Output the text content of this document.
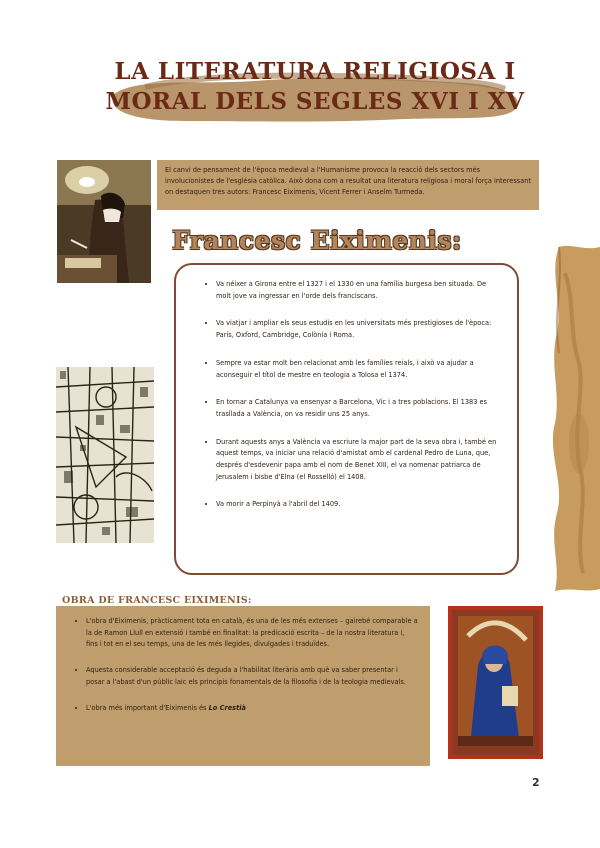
LA LITERATURA RELIGIOSA I
MORAL DELS SEGLES XVI I XV
El canvi de pensament de l'època medieval a l'Humanisme provoca la reacció dels sectors més involucionistes de l'església catòlica. Això dona com a resultat una literatura religiosa i moral força interessant on destaquen tres autors: Francesc Eiximenis, Vicent Ferrer i Anselm Turmeda.
Francesc Eiximenis:
• Va néixer a Girona entre el 1327 i el 1330 en una família burgesa ben situada. De molt jove va ingressar en l'orde dels franciscans.
• Va viatjar i ampliar els seus estudis en les universitats més prestigioses de l'època: París, Oxford, Cambridge, Colònia i Roma.
• Sempre va estar molt ben relacionat amb les famílies reials, i això va ajudar a aconseguir el títol de mestre en teologia a Tolosa el 1374.
• En tornar a Catalunya va ensenyar a Barcelona, Vic i a tres poblacions. El 1383 es trasllada a València, on va residir uns 25 anys.
• Durant aquests anys a València va escriure la major part de la seva obra i, també en aquest temps, va iniciar una relació d'amistat amb el cardenal Pedro de Luna, que, després d'esdevenir papa amb el nom de Benet XIII, el va nomenar patriarca de Jerusalem i bisbe d'Elna (el Rosselló) el 1408.
• Va morir a Perpinyà a l'abril del 1409.
OBRA DE FRANCESC EIXIMENIS:
• L'obra d'Eiximenis, pràcticament tota en català, és una de les més extenses – gairebé comparable a la de Ramon Llull en extensió i també en finalitat: la predicació escrita – de la nostra literatura i, fins i tot en el seu temps, una de les més llegides, divulgades i traduïdes.
• Aquesta considerable acceptació és deguda a l'habilitat literària amb què va saber presentar i posar a l'abast d'un públic laic els principis fonamentals de la filosofia i de la teologia medievals.
• L'obra més important d'Eiximenis és Lo Crestià
2
